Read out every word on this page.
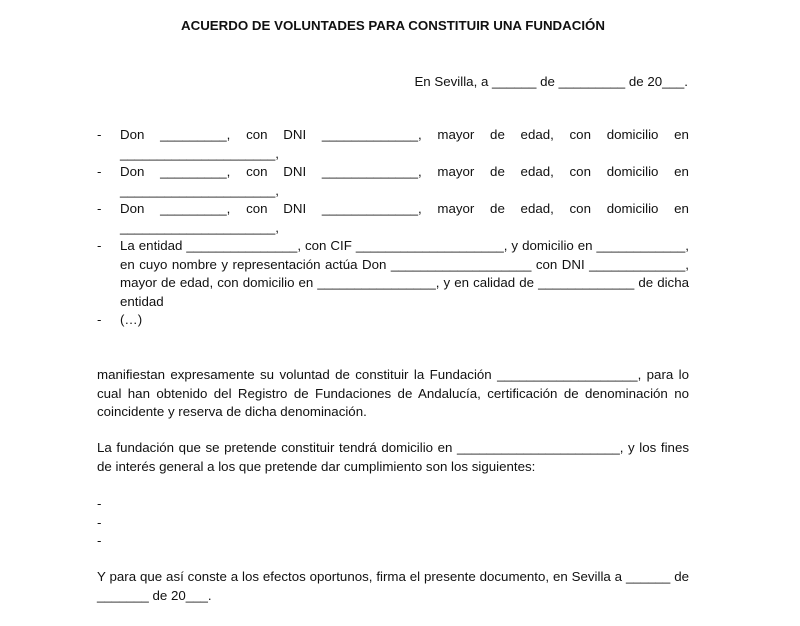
ACUERDO DE VOLUNTADES PARA CONSTITUIR UNA FUNDACIÓN
En Sevilla, a ______ de _________ de 20___.
- Don _________, con DNI _____________, mayor de edad, con domicilio en
_____________________,
- Don _________, con DNI _____________, mayor de edad, con domicilio en
_____________________,
- Don _________, con DNI _____________, mayor de edad, con domicilio en
_____________________,
- La entidad _______________, con CIF ____________________, y domicilio en ____________, en cuyo nombre y representación actúa Don ___________________ con DNI _____________, mayor de edad, con domicilio en ________________, y en calidad de _____________ de dicha entidad
- (…)
manifiestan expresamente su voluntad de constituir la Fundación ___________________, para lo cual han obtenido del Registro de Fundaciones de Andalucía, certificación de denominación no coincidente y reserva de dicha denominación.
La fundación que se pretende constituir tendrá domicilio en ______________________, y los fines de interés general a los que pretende dar cumplimiento son los siguientes:
-
-
-
Y para que así conste a los efectos oportunos, firma el presente documento, en Sevilla a ______ de _______ de 20___.
